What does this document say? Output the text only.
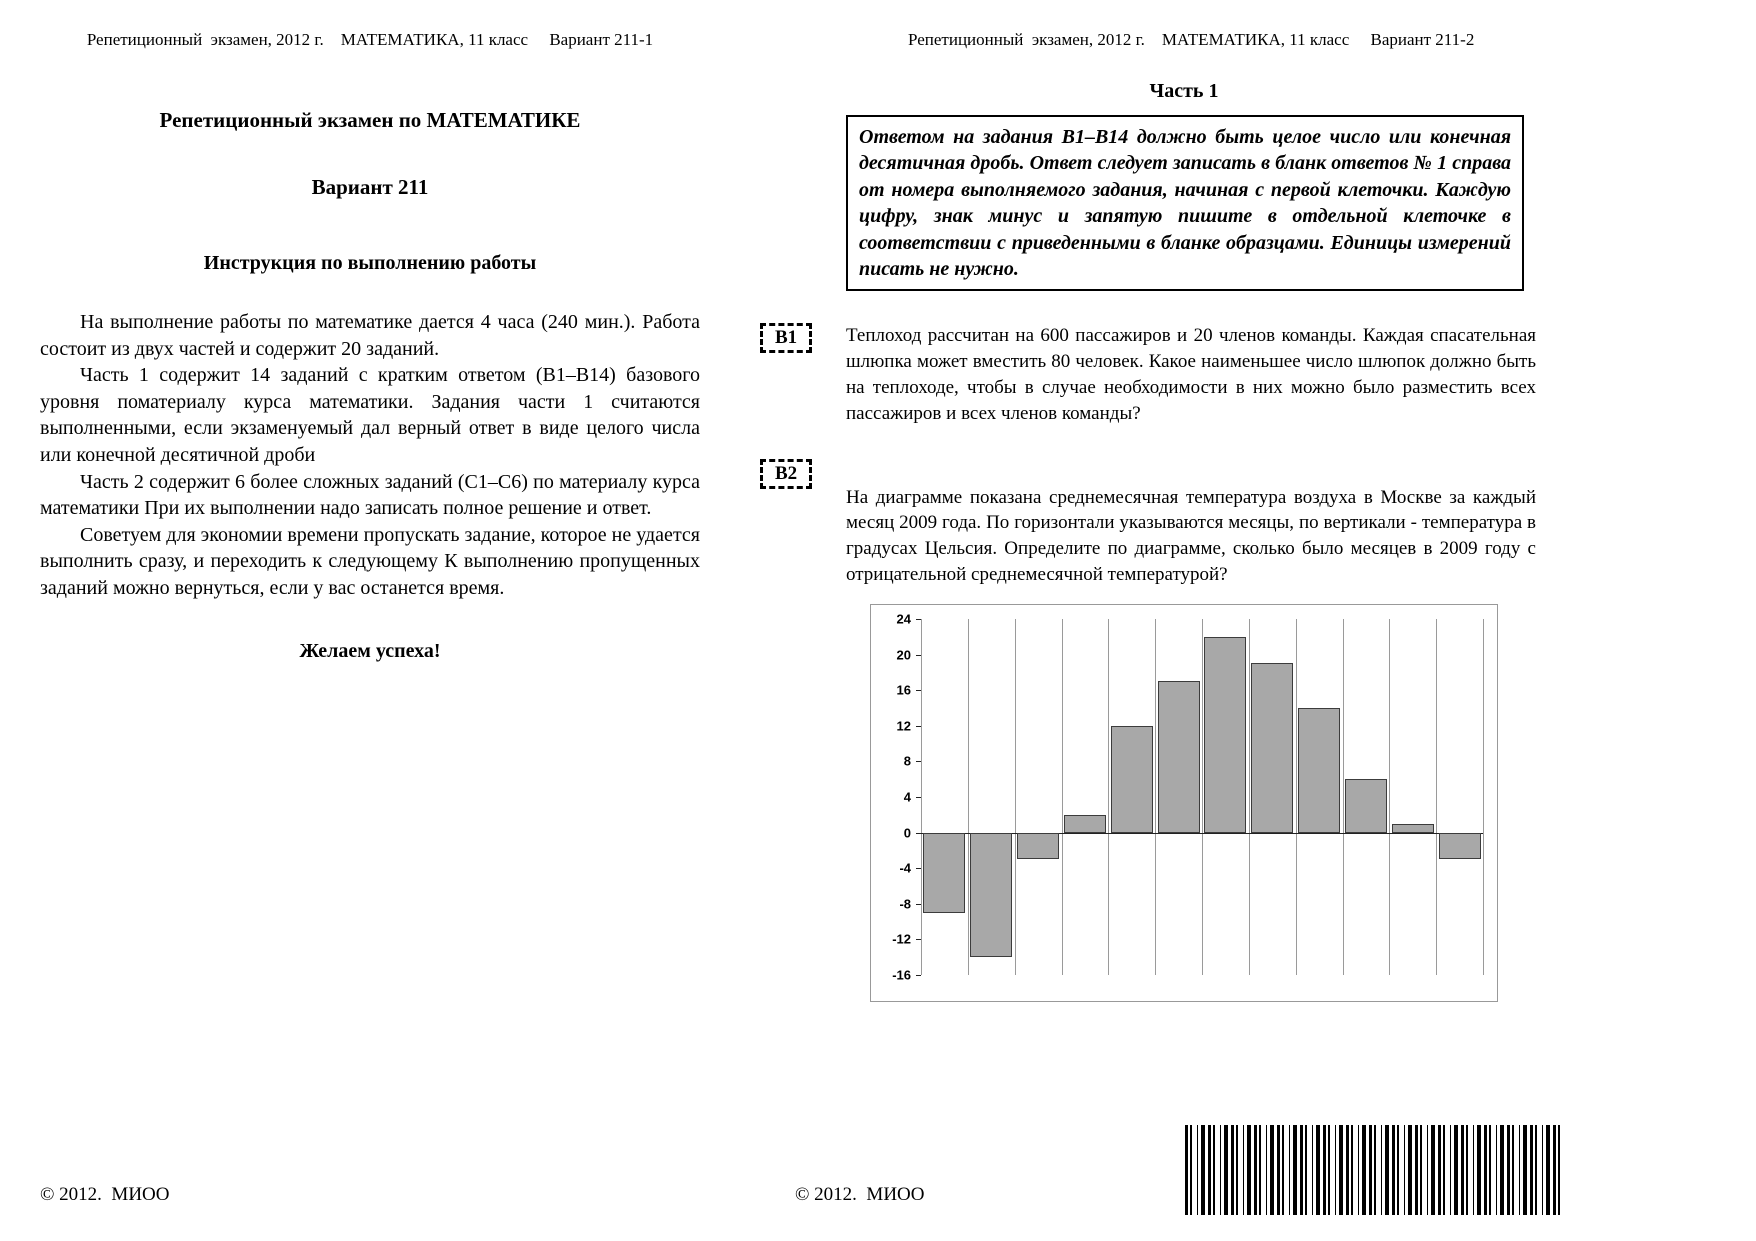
Репетиционный  экзамен, 2012 г.    МАТЕМАТИКА, 11 класс     Вариант 211-1
Репетиционный экзамен по МАТЕМАТИКЕ
Вариант 211
Инструкция по выполнению работы

На выполнение работы по математике дается 4 часа (240 мин.). Работа состоит из двух частей и содержит 20 заданий.

Часть 1 содержит 14 заданий с кратким ответом (В1–В14) базового уровня поматериалу курса математики. Задания части 1 считаются выполненными, если экзаменуемый дал верный ответ в виде целого числа или конечной десятичной дроби

Часть 2 содержит 6 более сложных заданий (С1–С6) по материалу курса математики При их выполнении надо записать полное решение и ответ.

Советуем для экономии времени пропускать задание, которое не удается выполнить сразу, и переходить к следующему К выполнению пропущенных заданий можно вернуться, если у вас останется время.

Желаем успеха!
© 2012.  МИОО
Репетиционный  экзамен, 2012 г.    МАТЕМАТИКА, 11 класс     Вариант 211-2
Часть 1
Ответом на задания В1–В14 должно быть целое число или конечная десятичная дробь. Ответ следует записать в бланк ответов № 1 справа от номера выполняемого задания, начиная с первой клеточки. Каждую цифру, знак минус и запятую пишите в отдельной клеточке в соответствии с приведенными в бланке образцами. Единицы измерений писать не нужно.
В1	Теплоход рассчитан на 600 пассажиров и 20 членов команды. Каждая спасательная шлюпка может вместить 80 человек. Какое наименьшее число шлюпок должно быть на теплоходе, чтобы в случае необходимости в них можно было разместить всех пассажиров и всех членов команды?
В2
На диаграмме показана среднемесячная температура воздуха в Москве за каждый месяц 2009 года. По горизонтали указываются месяцы, по вертикали - температура в градусах Цельсия. Определите по диаграмме, сколько было месяцев в 2009 году с отрицательной среднемесячной температурой?
24
20
16
12
8
4
0
-4
-8
-12
-16
© 2012.  МИОО
